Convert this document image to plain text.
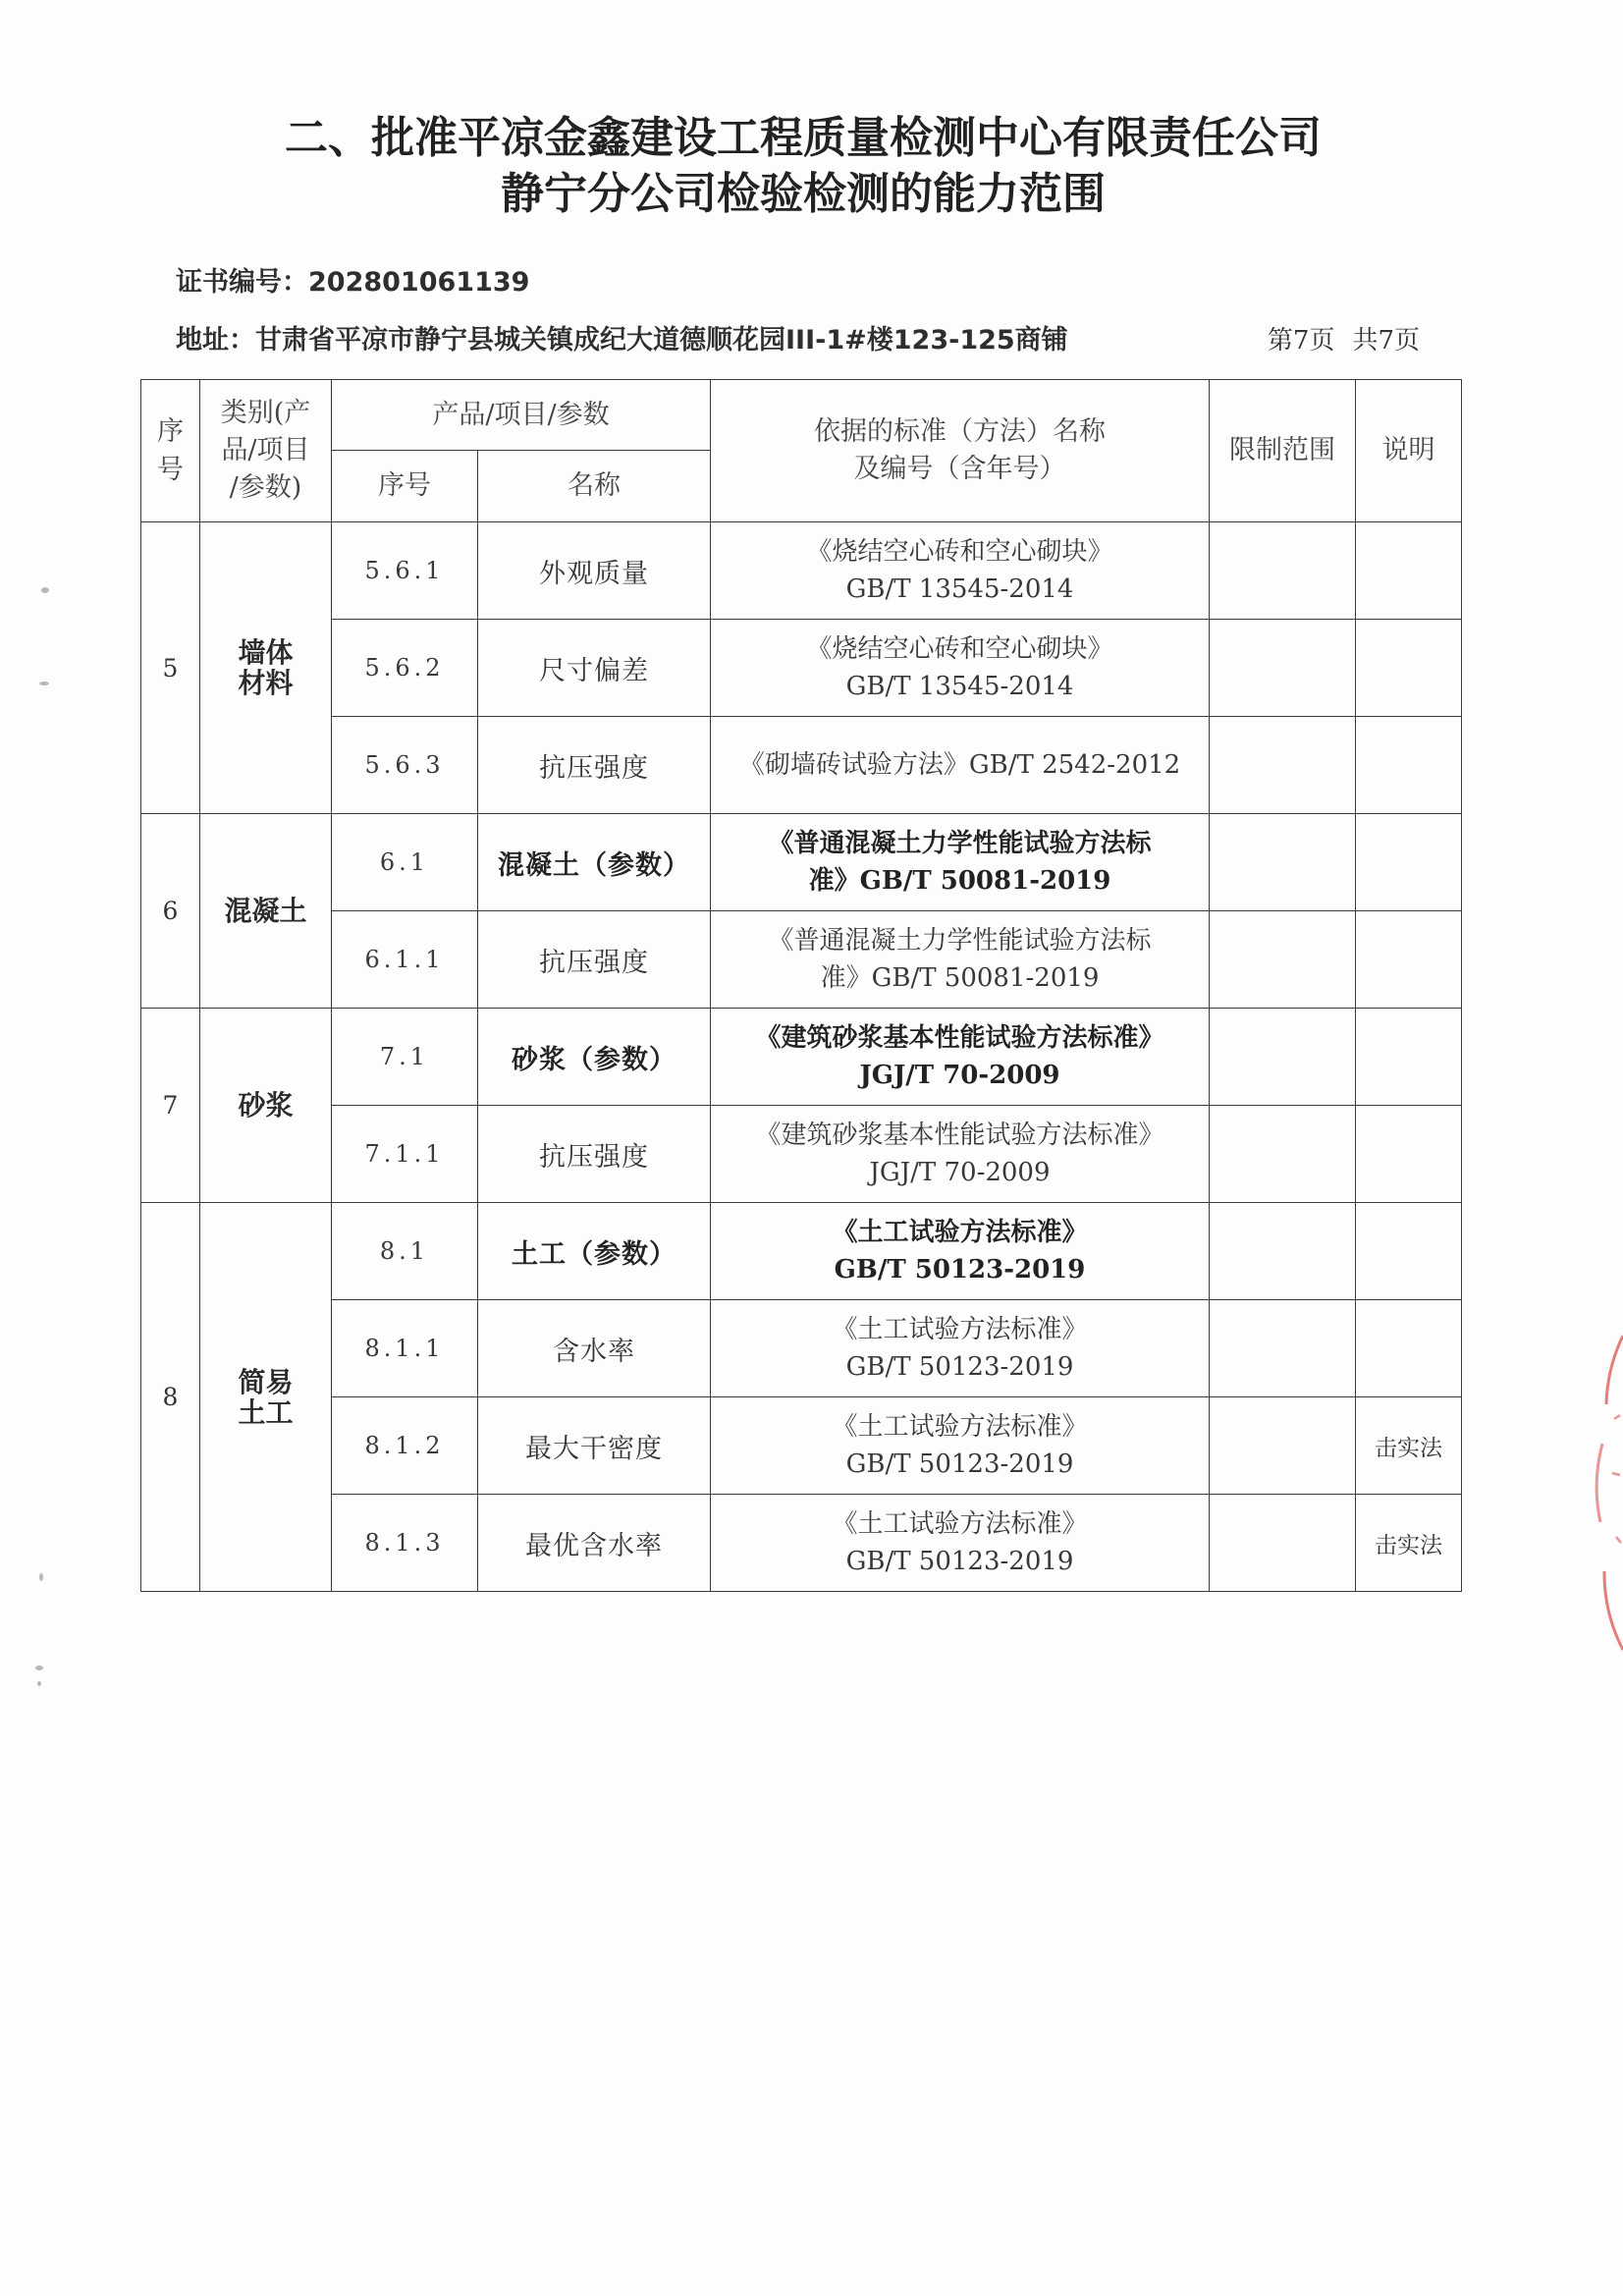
二、批准平凉金鑫建设工程质量检测中心有限责任公司
静宁分公司检验检测的能力范围
证书编号：202801061139
地址：甘肃省平凉市静宁县城关镇成纪大道德顺花园III-1#楼123-125商铺	第7页 共7页
序号	类别(产
品/项目
/参数)	产品/项目/参数		依据的标准（方法）名称
及编号（含年号）	限制范围	说明
		序号	名称			
5	墙体材料	5.6.1	外观质量	《烧结空心砖和空心砌块》
GB/T 13545-2014		

		5.6.2	尺寸偏差	《烧结空心砖和空心砌块》
GB/T 13545-2014		

		5.6.3	抗压强度	《砌墙砖试验方法》GB/T 2542-2012		

6	混凝土	6.1	混凝土（参数）	《普通混凝土力学性能试验方法标
准》GB/T 50081-2019		

		6.1.1	抗压强度	《普通混凝土力学性能试验方法标
准》GB/T 50081-2019		

7	砂浆	7.1	砂浆（参数）	《建筑砂浆基本性能试验方法标准》
JGJ/T 70-2009		

		7.1.1	抗压强度	《建筑砂浆基本性能试验方法标准》
JGJ/T 70-2009		

8	简易土工	8.1	土工（参数）	《土工试验方法标准》
GB/T 50123-2019		

		8.1.1	含水率	《土工试验方法标准》
GB/T 50123-2019		

		8.1.2	最大干密度	《土工试验方法标准》
GB/T 50123-2019		击实法
		8.1.3	最优含水率	《土工试验方法标准》
GB/T 50123-2019		击实法
